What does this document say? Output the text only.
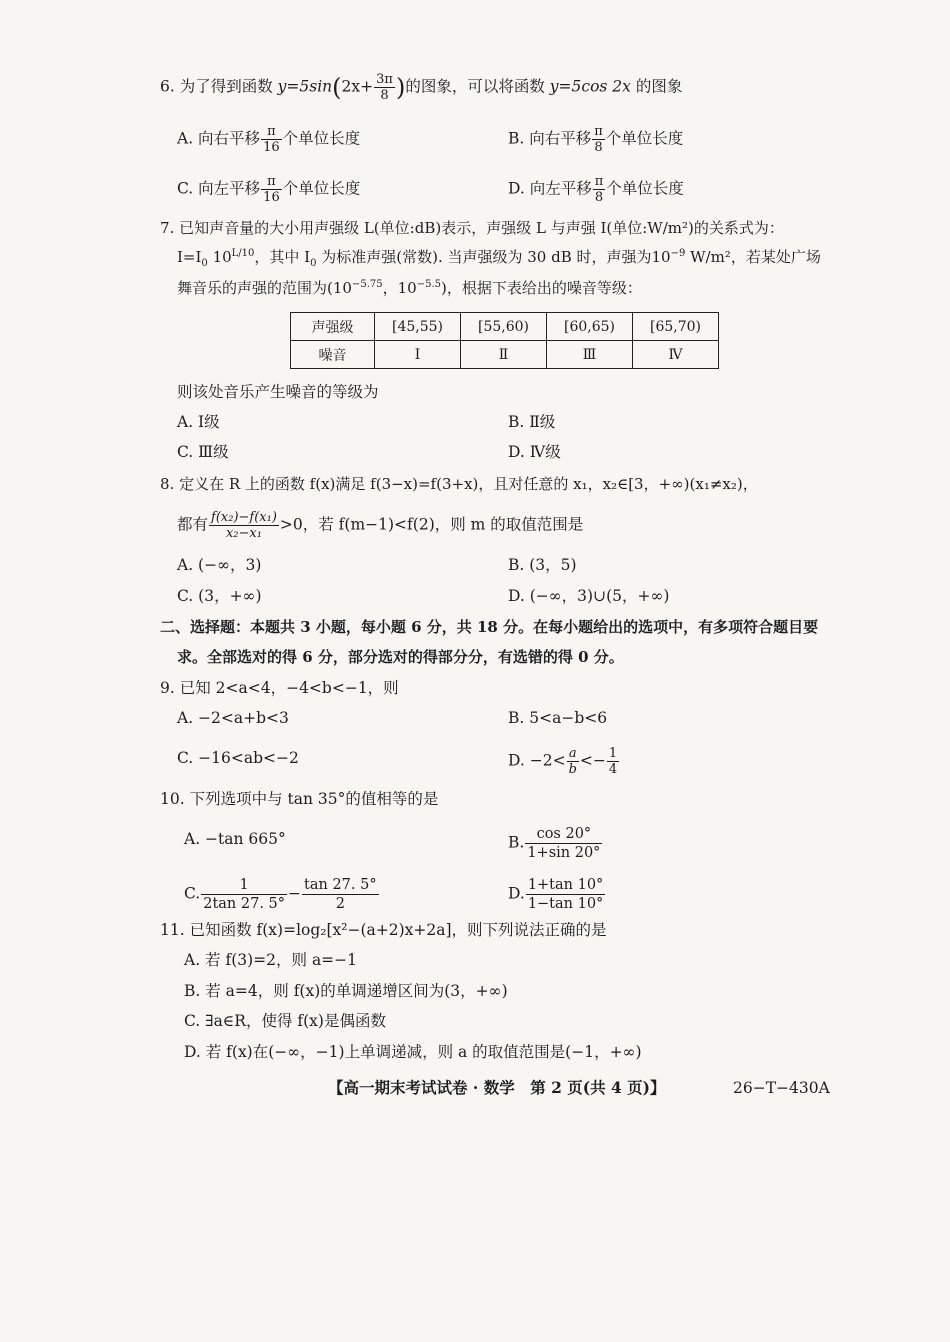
6. 为了得到函数 $y=5\sin(2x+ \frac{3\pi}{8}$ )的图象，可以将函数 y=5cos 2x 的图象
A. 向右平移 $\frac{\pi}{16}$ 个单位长度	B. 向右平移 $\frac{\pi}{8}$ 个单位长度
C. 向左平移 $\frac{\pi}{16}$ 个单位长度	D. 向左平移 $\frac{\pi}{8}$ 个单位长度
7. 已知声音量的大小用声强级 L(单位:dB)表示，声强级 L 与声强 I(单位:W/m²)的关系式为：
$I=I_0$ $10^{L/10}$，其中 $I_0$ 为标准声强(常数). 当声强级为 30 dB 时，声强为$10^{-9}$ W/m²，若某处广场
舞音乐的声强的范围为($10^{-5.75}$，$10^{-5.5}$)，根据下表给出的噪音等级：
声强级	[45,55)	[55,60)	[60,65)	[65,70)
噪音	Ⅰ	Ⅱ	Ⅲ	Ⅳ
则该处音乐产生噪音的等级为
A. Ⅰ级	B. Ⅱ级
C. Ⅲ级	D. Ⅳ级
8. 定义在 R 上的函数 f(x)满足 f(3−x)=f(3+x)，且对任意的 x₁，x₂∈[3，+∞)(x₁≠x₂)，
都有 $\frac{\text{f(x₂)−f(x₁)}}{\text{x₂−x₁}} >0$，若 f(m−1)<f(2)，则 m 的取值范围是
A. (−∞，3)	B. (3，5)
C. (3，+∞)	D. (−∞，3)∪(5，+∞)
二、选择题：本题共 3 小题，每小题 6 分，共 18 分。在每小题给出的选项中，有多项符合题目要
求。全部选对的得 6 分，部分选对的得部分分，有选错的得 0 分。
9. 已知 2<a<4，−4<b<−1，则
A. −2<a+b<3	B. 5<a−b<6
C. −16<ab<−2	D. $-2< \frac{a}{b} <- \frac{1}{4}$
10. 下列选项中与 tan 35°的值相等的是
A. −tan 665°	B. $\frac{\cos 20^\circ}{1+\sin 20^\circ}$
C. $\frac{1}{2\tan 27. 5^\circ} - \frac{\tan 27. 5^\circ}{2}$	D. $\frac{1+\tan 10^\circ}{1-\tan 10^\circ}$
11. 已知函数 f(x)=log₂[x²−(a+2)x+2a]，则下列说法正确的是
A. 若 f(3)=2，则 a=−1
B. 若 a=4，则 f(x)的单调递增区间为(3，+∞)
C. ∃a∈R，使得 f(x)是偶函数
D. 若 f(x)在(−∞，−1)上单调递减，则 a 的取值范围是(−1，+∞)
【高一期末考试试卷 · 数学　第 2 页(共 4 页)】	26−T−430A
